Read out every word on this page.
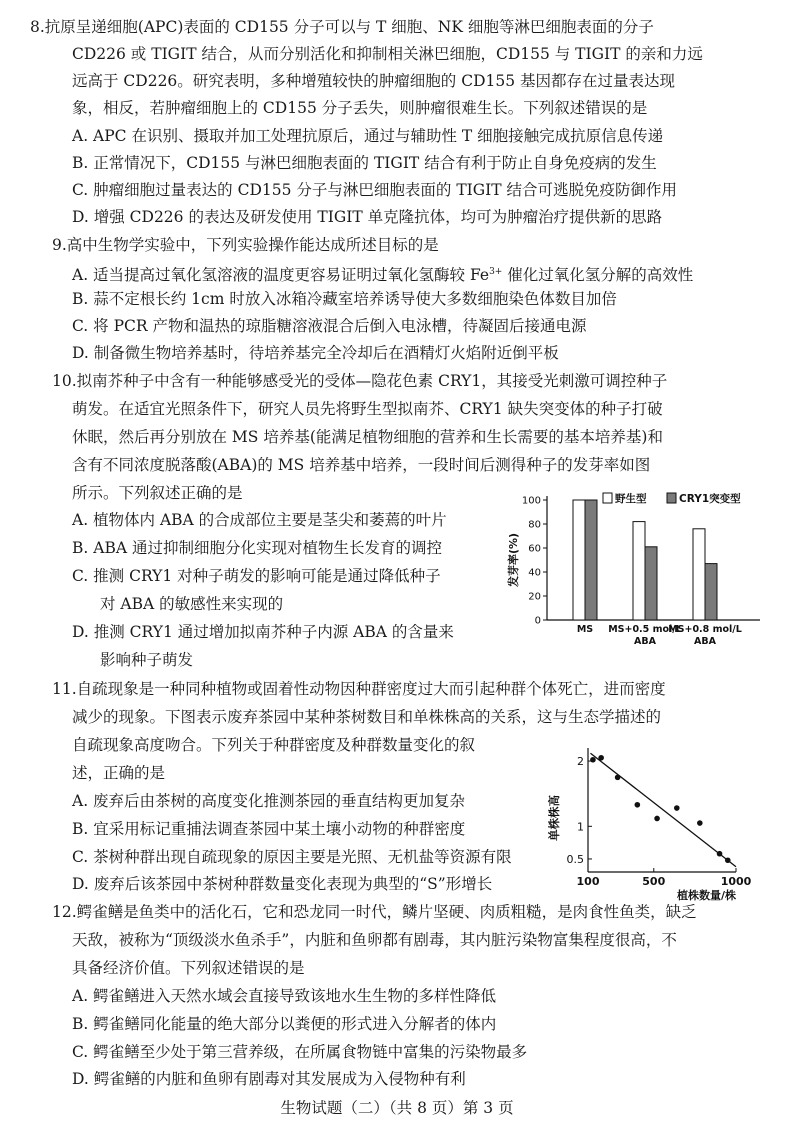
8.抗原呈递细胞(APC)表面的 CD155 分子可以与 T 细胞、NK 细胞等淋巴细胞表面的分子
CD226 或 TIGIT 结合，从而分别活化和抑制相关淋巴细胞，CD155 与 TIGIT 的亲和力远
远高于 CD226。研究表明，多种增殖较快的肿瘤细胞的 CD155 基因都存在过量表达现
象，相反，若肿瘤细胞上的 CD155 分子丢失，则肿瘤很难生长。下列叙述错误的是
A. APC 在识别、摄取并加工处理抗原后，通过与辅助性 T 细胞接触完成抗原信息传递
B. 正常情况下，CD155 与淋巴细胞表面的 TIGIT 结合有利于防止自身免疫病的发生
C. 肿瘤细胞过量表达的 CD155 分子与淋巴细胞表面的 TIGIT 结合可逃脱免疫防御作用
D. 增强 CD226 的表达及研发使用 TIGIT 单克隆抗体，均可为肿瘤治疗提供新的思路
9.高中生物学实验中，下列实验操作能达成所述目标的是
A. 适当提高过氧化氢溶液的温度更容易证明过氧化氢酶较 $Fe^{3+}$ 催化过氧化氢分解的高效性
B. 蒜不定根长约 1cm 时放入冰箱冷藏室培养诱导使大多数细胞染色体数目加倍
C. 将 PCR 产物和温热的琼脂糖溶液混合后倒入电泳槽，待凝固后接通电源
D. 制备微生物培养基时，待培养基完全冷却后在酒精灯火焰附近倒平板
10.拟南芥种子中含有一种能够感受光的受体—隐花色素 CRY1，其接受光刺激可调控种子
萌发。在适宜光照条件下，研究人员先将野生型拟南芥、CRY1 缺失突变体的种子打破
休眠，然后再分别放在 MS 培养基(能满足植物细胞的营养和生长需要的基本培养基)和
含有不同浓度脱落酸(ABA)的 MS 培养基中培养，一段时间后测得种子的发芽率如图
所示。下列叙述正确的是
A. 植物体内 ABA 的合成部位主要是茎尖和萎蔫的叶片
B. ABA 通过抑制细胞分化实现对植物生长发育的调控
C. 推测 CRY1 对种子萌发的影响可能是通过降低种子
对 ABA 的敏感性来实现的
D. 推测 CRY1 通过增加拟南芥种子内源 ABA 的含量来
影响种子萌发
0
20
40
60
80
100
发芽率(%)
MS MS+0.5 mol/L
ABA
MS+0.8 mol/L
ABA
野生型	CRY1突变型
11.自疏现象是一种同种植物或固着性动物因种群密度过大而引起种群个体死亡，进而密度
减少的现象。下图表示废弃茶园中某种茶树数目和单株株高的关系，这与生态学描述的
自疏现象高度吻合。下列关于种群密度及种群数量变化的叙
述，正确的是
A. 废弃后由茶树的高度变化推测茶园的垂直结构更加复杂
B. 宜采用标记重捕法调查茶园中某土壤小动物的种群密度
C. 茶树种群出现自疏现象的原因主要是光照、无机盐等资源有限
D. 废弃后该茶园中茶树种群数量变化表现为典型的“S”形增长
0.5
1
2
100	500	1000
单株株高
植株数量/株
12.鳄雀鳝是鱼类中的活化石，它和恐龙同一时代，鳞片坚硬、肉质粗糙，是肉食性鱼类，缺乏
天敌，被称为“顶级淡水鱼杀手”，内脏和鱼卵都有剧毒，其内脏污染物富集程度很高，不
具备经济价值。下列叙述错误的是
A. 鳄雀鳝进入天然水域会直接导致该地水生生物的多样性降低
B. 鳄雀鳝同化能量的绝大部分以粪便的形式进入分解者的体内
C. 鳄雀鳝至少处于第三营养级，在所属食物链中富集的污染物最多
D. 鳄雀鳝的内脏和鱼卵有剧毒对其发展成为入侵物种有利
生物试题（二）（共 8 页）第 3 页
